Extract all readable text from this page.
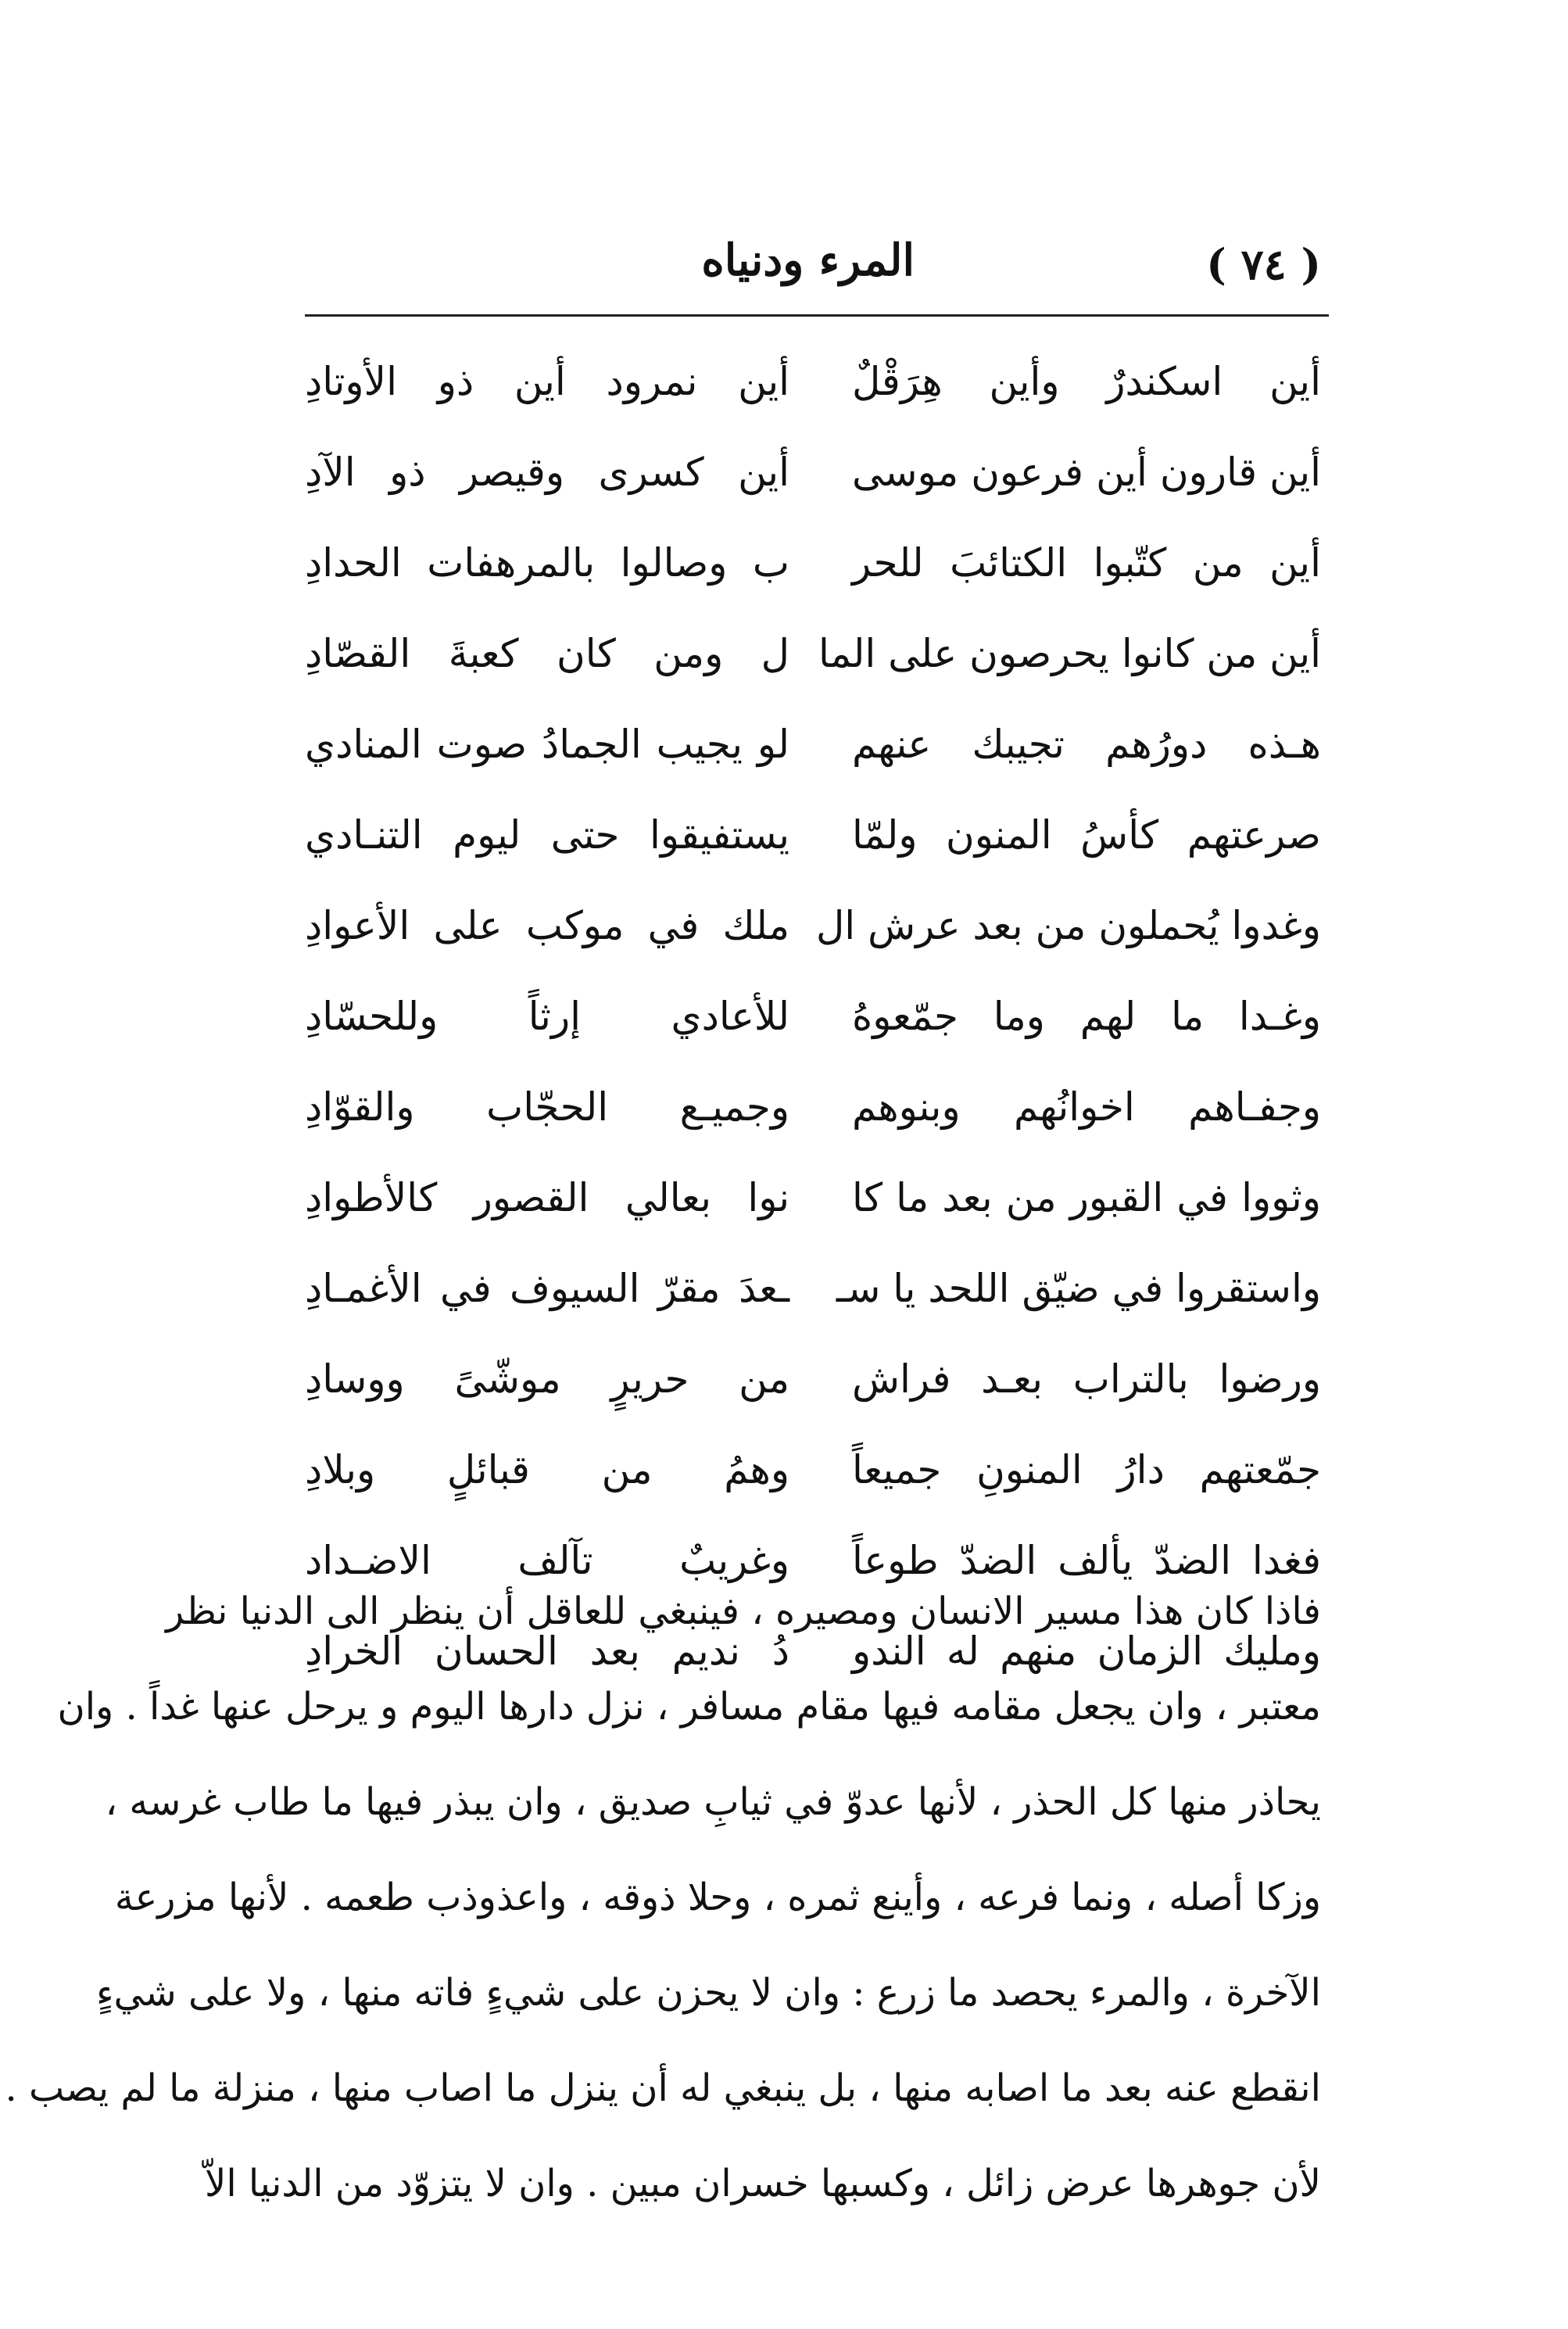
( ٧٤ )
المرء ودنياه
أين اسكندرٌ وأين هِرَقْلٌ
أين نمرود أين ذو الأوتادِ
أين قارون أين فرعون موسى
أين كسرى وقيصر ذو الآدِ
أين من كتّبوا الكتائبَ للحر
ب وصالوا بالمرهفات الحدادِ
أين من كانوا يحرصون على الما
ل ومن كان كعبةَ القصّادِ
هـذه دورُهم تجيبك عنهم
لو يجيب الجمادُ صوت المنادي
صرعتهم كأسُ المنون ولمّا
يستفيقوا حتى ليوم التنـادي
وغدوا يُحملون من بعد عرش ال
ملك في موكب على الأعوادِ
وغـدا ما لهم وما جمّعوهُ
للأعادي إرثاً وللحسّادِ
وجفـاهم اخوانُهم وبنوهم
وجميـع الحجّاب والقوّادِ
وثووا في القبور من بعد ما كا
نوا بعالي القصور كالأطوادِ
واستقروا في ضيّق اللحد يا سـ
ـعدَ مقرّ السيوف في الأغمـادِ
ورضوا بالتراب بعـد فراش
من حريرٍ موشّىً ووسادِ
جمّعتهم دارُ المنونِ جميعاً
وهمُ من قبائلٍ وبلادِ
فغدا الضدّ يألف الضدّ طوعاً
وغريبٌ تآلف الاضـداد
ومليك الزمان منهم له الندو
دُ نديم بعد الحسان الخرادِ
فاذا كان هذا مسير الانسان ومصيره ، فينبغي للعاقل أن ينظر الى الدنيا نظر
معتبر ، وان يجعل مقامه فيها مقام مسافر ، نزل دارها اليوم و يرحل عنها غداً . وان
يحاذر منها كل الحذر ، لأنها عدوّ في ثيابِ صديق ، وان يبذر فيها ما طاب غرسه ،
وزكا أصله ، ونما فرعه ، وأينع ثمره ، وحلا ذوقه ، واعذوذب طعمه . لأنها مزرعة
الآخرة ، والمرء يحصد ما زرع : وان لا يحزن على شيءٍ فاته منها ، ولا على شيءٍ
انقطع عنه بعد ما اصابه منها ، بل ينبغي له أن ينزل ما اصاب منها ، منزلة ما لم يصب .
لأن جوهرها عرض زائل ، وكسبها خسران مبين . وان لا يتزوّد من الدنيا الاّ
